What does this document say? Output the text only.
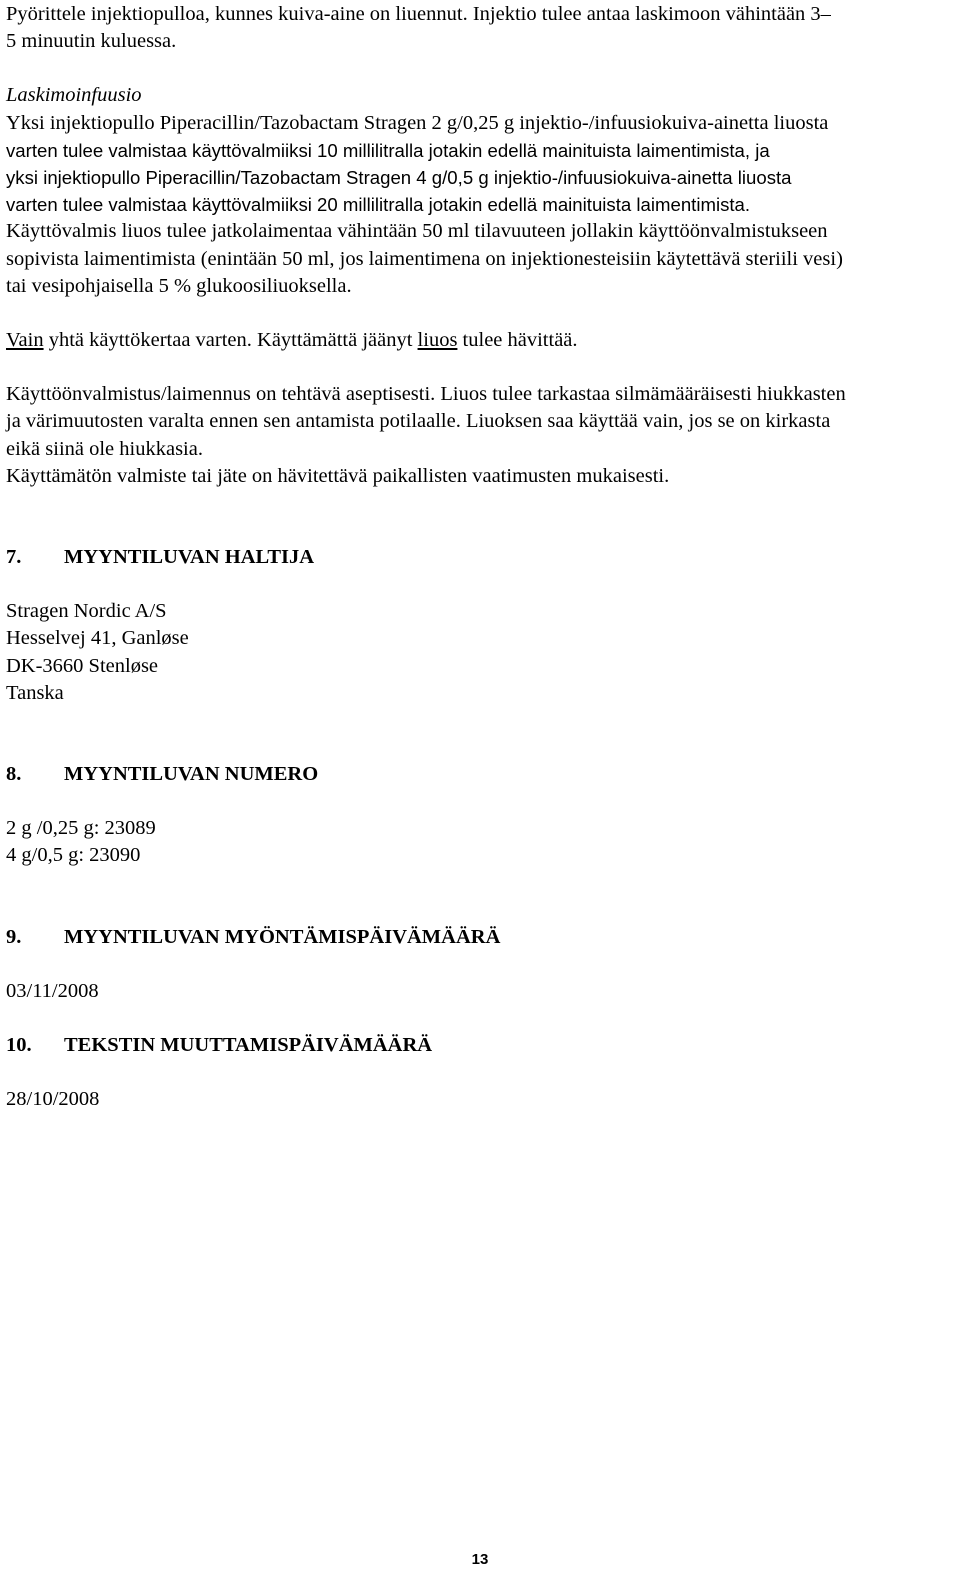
Pyörittele injektiopulloa, kunnes kuiva-aine on liuennut. Injektio tulee antaa laskimoon vähintään 3–

5 minuutin kuluessa.

Laskimoinfuusio

Yksi injektiopullo Piperacillin/Tazobactam Stragen 2 g/0,25 g injektio-/infuusiokuiva-ainetta liuosta

varten tulee valmistaa käyttövalmiiksi 10 millilitralla jotakin edellä mainituista laimentimista, ja

yksi injektiopullo Piperacillin/Tazobactam Stragen 4 g/0,5 g injektio-/infuusiokuiva-ainetta liuosta

varten tulee valmistaa käyttövalmiiksi 20 millilitralla jotakin edellä mainituista laimentimista.

Käyttövalmis liuos tulee jatkolaimentaa vähintään 50 ml tilavuuteen jollakin käyttöönvalmistukseen

sopivista laimentimista (enintään 50 ml, jos laimentimena on injektionesteisiin käytettävä steriili vesi)

tai vesipohjaisella 5 % glukoosiliuoksella.

Vain yhtä käyttökertaa varten. Käyttämättä jäänyt liuos tulee hävittää.

Käyttöönvalmistus/laimennus on tehtävä aseptisesti. Liuos tulee tarkastaa silmämääräisesti hiukkasten

ja värimuutosten varalta ennen sen antamista potilaalle. Liuoksen saa käyttää vain, jos se on kirkasta

eikä siinä ole hiukkasia.

Käyttämätön valmiste tai jäte on hävitettävä paikallisten vaatimusten mukaisesti.

7.	MYYNTILUVAN HALTIJA

Stragen Nordic A/S

Hesselvej 41, Ganløse

DK-3660 Stenløse

Tanska

8.	MYYNTILUVAN NUMERO

2 g /0,25 g: 23089

4 g/0,5 g: 23090

9.	MYYNTILUVAN MYÖNTÄMISPÄIVÄMÄÄRÄ

03/11/2008

10.	TEKSTIN MUUTTAMISPÄIVÄMÄÄRÄ

28/10/2008

13
